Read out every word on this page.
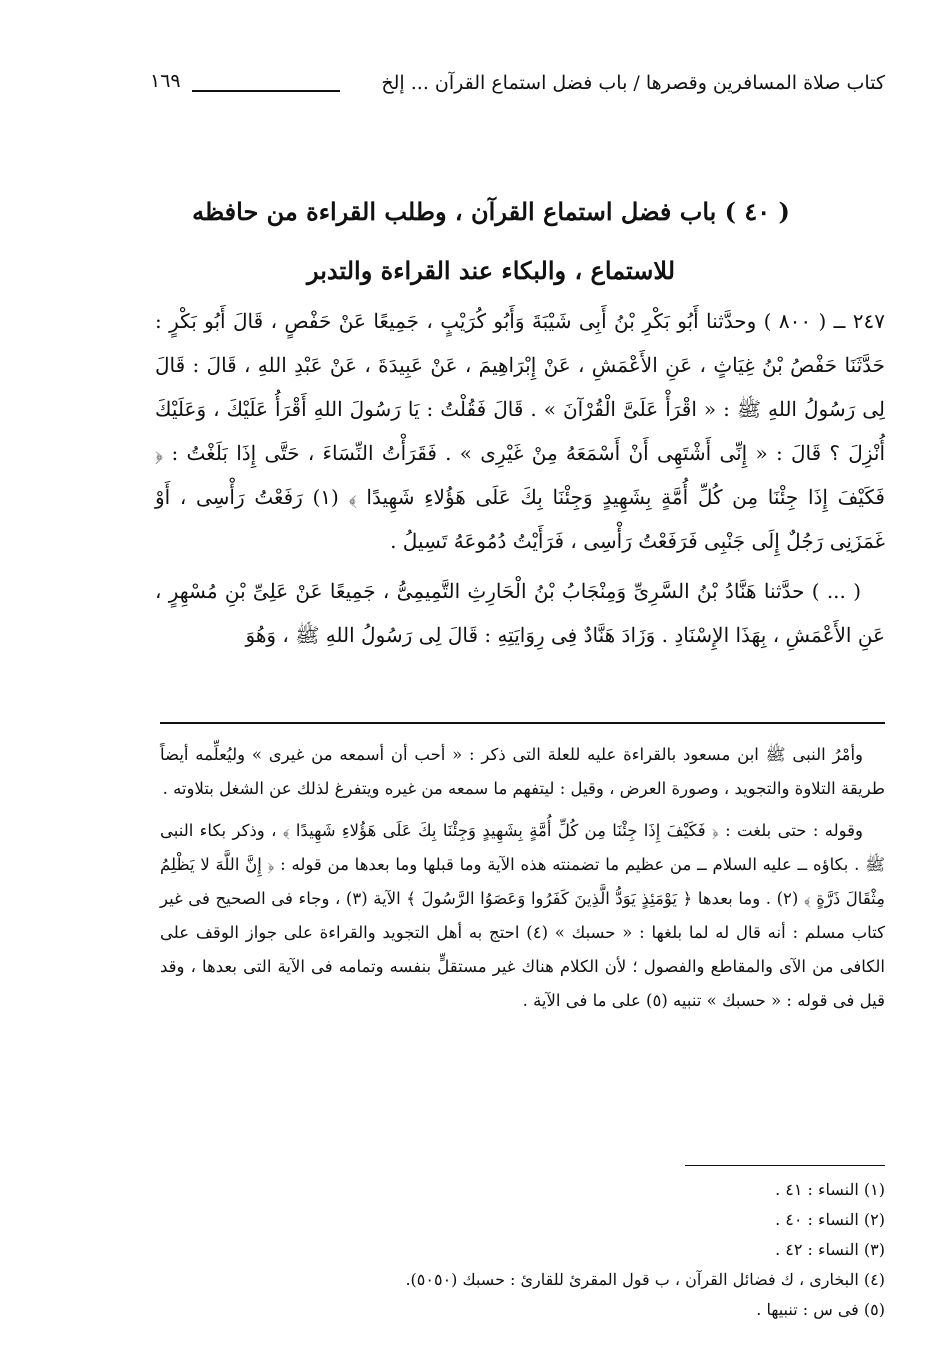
كتاب صلاة المسافرين وقصرها / باب فضل استماع القرآن ... إلخ
١٦٩
( ٤٠ ) باب فضل استماع القرآن ، وطلب القراءة من حافظه
للاستماع ، والبكاء عند القراءة والتدبر

٢٤٧ ــ ( ٨٠٠ ) وحدَّثنا أَبُو بَكْرِ بْنُ أَبِى شَيْبَةَ وَأَبُو كُرَيْبٍ ، جَمِيعًا عَنْ حَفْصٍ ، قَالَ أَبُو بَكْرٍ : حَدَّثَنَا حَفْصُ بْنُ غِيَاثٍ ، عَنِ الأَعْمَشِ ، عَنْ إِبْرَاهِيمَ ، عَنْ عَبِيدَةَ ، عَنْ عَبْدِ اللهِ ، قَالَ : قَالَ لِى رَسُولُ اللهِ ﷺ : « اقْرَأْ عَلَىَّ الْقُرْآنَ » . قَالَ فَقُلْتُ : يَا رَسُولَ اللهِ أَقْرَأُ عَلَيْكَ ، وَعَلَيْكَ أُنْزِلَ ؟ قَالَ : « إِنِّى أَشْتَهِى أَنْ أَسْمَعَهُ مِنْ غَيْرِى » . فَقَرَأْتُ النِّسَاءَ ، حَتَّى إِذَا بَلَغْتُ : ﴿ فَكَيْفَ إِذَا جِئْنَا مِن كُلِّ أُمَّةٍ بِشَهِيدٍ وَجِئْنَا بِكَ عَلَى هَؤُلاءِ شَهِيدًا ﴾ (١) رَفَعْتُ رَأْسِى ، أَوْ غَمَزَنِى رَجُلٌ إِلَى جَنْبِى فَرَفَعْتُ رَأْسِى ، فَرَأَيْتُ دُمُوعَهُ تَسِيلُ .

( ... ) حدَّثنا هَنَّادُ بْنُ السَّرِىِّ وَمِنْجَابُ بْنُ الْحَارِثِ التَّمِيمِىُّ ، جَمِيعًا عَنْ عَلِىِّ بْنِ مُسْهِرٍ ، عَنِ الأَعْمَشِ ، بِهَذَا الإِسْنَادِ . وَزَادَ هَنَّادٌ فِى رِوَايَتِهِ : قَالَ لِى رَسُولُ اللهِ ﷺ ، وَهُوَ

وأمْرُ النبى ﷺ ابن مسعود بالقراءة عليه للعلة التى ذكر : « أحب أن أسمعه من غيرى » وليُعلِّمه أيضاً طريقة التلاوة والتجويد ، وصورة العرض ، وقيل : ليتفهم ما سمعه من غيره ويتفرغ لذلك عن الشغل بتلاوته .

وقوله : حتى بلغت : ﴿ فَكَيْفَ إِذَا جِئْنَا مِن كُلِّ أُمَّةٍ بِشَهِيدٍ وَجِئْنَا بِكَ عَلَى هَؤُلاءِ شَهِيدًا ﴾ ، وذكر بكاء النبى ﷺ . بكاؤه ــ عليه السلام ــ من عظيم ما تضمنته هذه الآية وما قبلها وما بعدها من قوله : ﴿ إِنَّ اللَّهَ لا يَظْلِمُ مِثْقَالَ ذَرَّةٍ ﴾ (٢) . وما بعدها ﴿ يَوْمَئِذٍ يَوَدُّ الَّذِينَ كَفَرُوا وَعَصَوُا الرَّسُولَ ﴾ الآية (٣) ، وجاء فى الصحيح فى غير كتاب مسلم : أنه قال له لما بلغها : « حسبك » (٤) احتج به أهل التجويد والقراءة على جواز الوقف على الكافى من الآى والمقاطع والفصول ؛ لأن الكلام هناك غير مستقلٍّ بنفسه وتمامه فى الآية التى بعدها ، وقد قيل فى قوله : « حسبك » تنبيه (٥) على ما فى الآية .

(١) النساء : ٤١ .
(٢) النساء : ٤٠ .
(٣) النساء : ٤٢ .
(٤) البخارى ، ك فضائل القرآن ، ب قول المقرئ للقارئ : حسبك (٥٠٥٠).
(٥) فى س : تنبيها .
